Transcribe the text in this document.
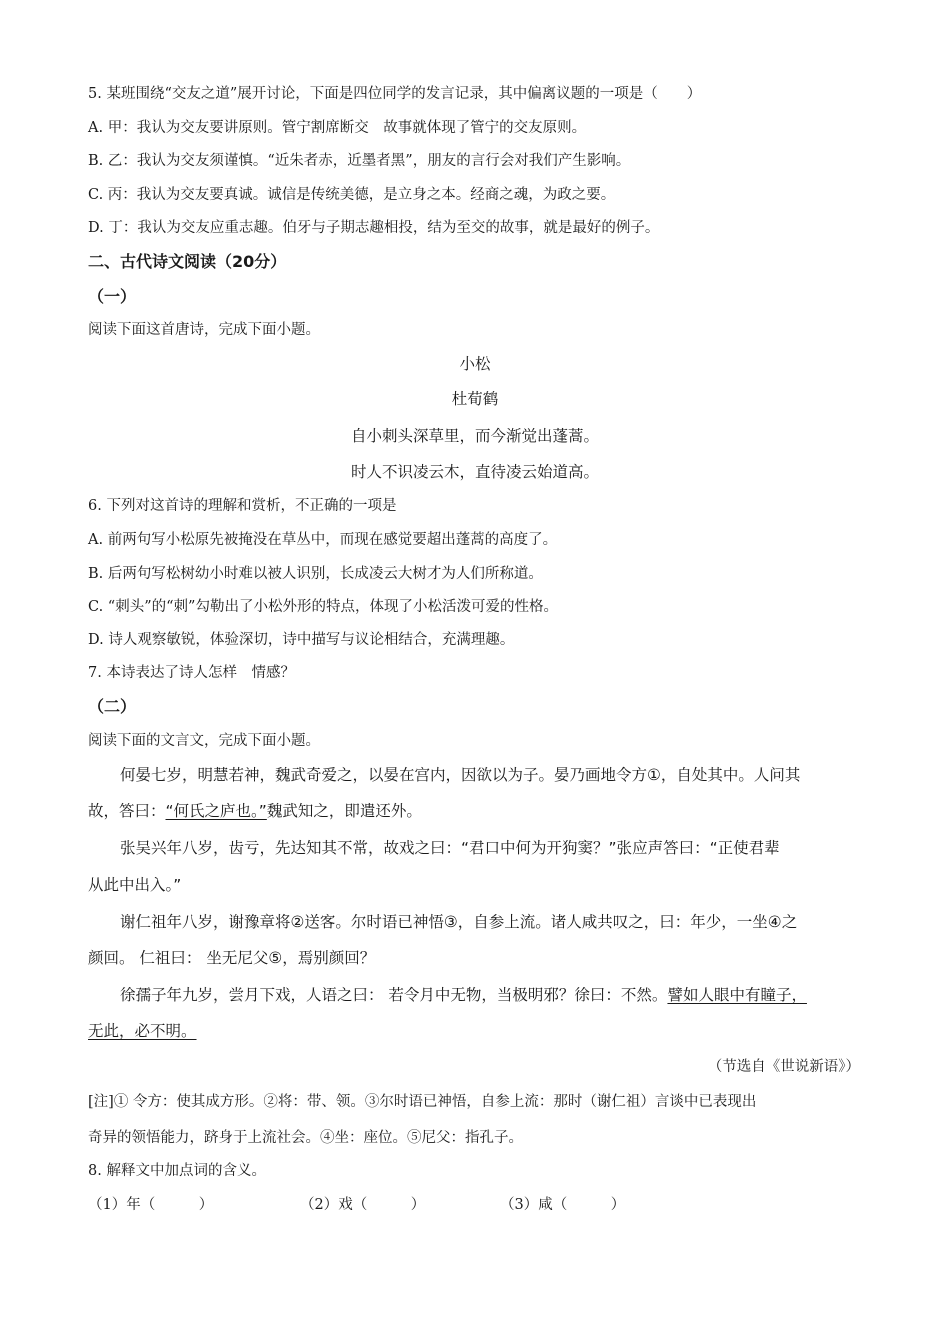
5. 某班围绕“交友之道”展开讨论，下面是四位同学的发言记录，其中偏离议题的一项是（　　）
A. 甲：我认为交友要讲原则。管宁割席断交　故事就体现了管宁的交友原则。
B. 乙：我认为交友须谨慎。“近朱者赤，近墨者黑”，朋友的言行会对我们产生影响。
C. 丙：我认为交友要真诚。诚信是传统美德，是立身之本。经商之魂，为政之要。
D. 丁：我认为交友应重志趣。伯牙与子期志趣相投，结为至交的故事，就是最好的例子。
二、古代诗文阅读（20分）
（一）
阅读下面这首唐诗，完成下面小题。
小松
杜荀鹤
自小刺头深草里，而今渐觉出蓬蒿。
时人不识凌云木，直待凌云始道高。
6. 下列对这首诗的理解和赏析，不正确的一项是
A. 前两句写小松原先被掩没在草丛中，而现在感觉要超出蓬蒿的高度了。
B. 后两句写松树幼小时难以被人识别，长成凌云大树才为人们所称道。
C. “刺头”的“刺”勾勒出了小松外形的特点，体现了小松活泼可爱的性格。
D. 诗人观察敏锐，体验深切，诗中描写与议论相结合，充满理趣。
7. 本诗表达了诗人怎样　情感？
（二）
阅读下面的文言文，完成下面小题。
何晏七岁，明慧若神，魏武奇爱之，以晏在宫内，因欲以为子。晏乃画地令方①，自处其中。人问其
故，答曰：“何氏之庐也。”魏武知之，即遣还外。
张吴兴年八岁，齿亏，先达知其不常，故戏之曰：“君口中何为开狗窦？”张应声答曰：“正使君辈
从此中出入。”
谢仁祖年八岁，谢豫章将②送客。尔时语已神悟③，自参上流。诸人咸共叹之，曰：年少，一坐④之
颜回。 仁祖曰： 坐无尼父⑤，焉别颜回？
徐孺子年九岁，尝月下戏，人语之曰： 若令月中无物，当极明邪？徐曰：不然。譬如人眼中有瞳子，
无此，必不明。
（节选自《世说新语》）
[注]① 令方：使其成方形。②将：带、领。③尔时语已神悟，自参上流：那时（谢仁祖）言谈中已表现出
奇异的领悟能力，跻身于上流社会。④坐：座位。⑤尼父：指孔子。
8. 解释文中加点词的含义。
（1）年（　　　）	（2）戏（　　　）	（3）咸（　　　）
